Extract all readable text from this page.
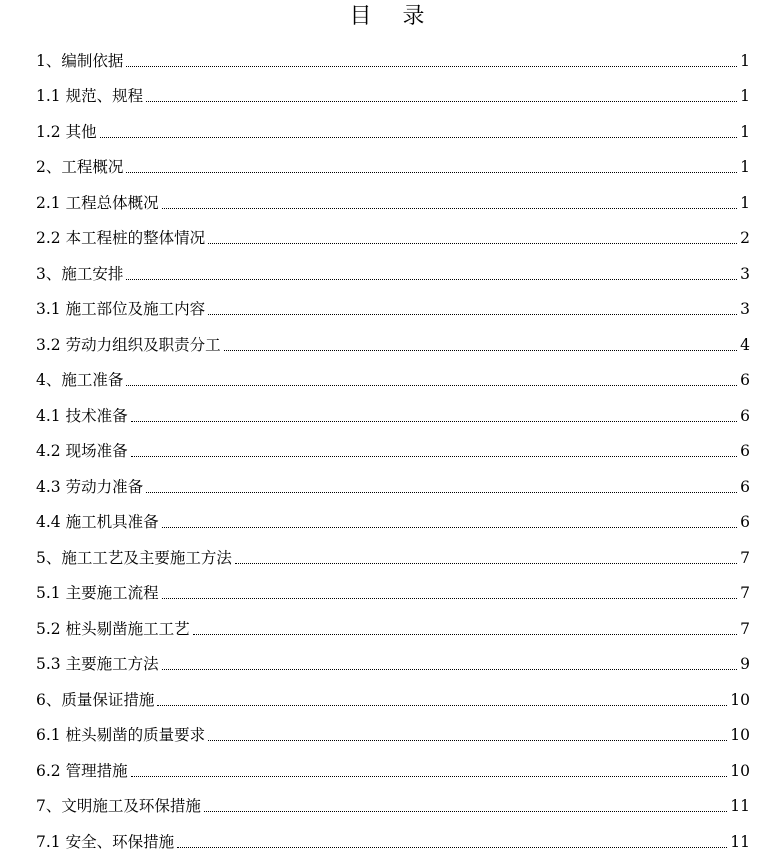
目 录
1、编制依据	1
1.1 规范、规程	1
1.2 其他	1
2、工程概况	1
2.1 工程总体概况	1
2.2 本工程桩的整体情况	2
3、施工安排	3
3.1 施工部位及施工内容	3
3.2 劳动力组织及职责分工	4
4、施工准备	6
4.1 技术准备	6
4.2 现场准备	6
4.3 劳动力准备	6
4.4 施工机具准备	6
5、施工工艺及主要施工方法	7
5.1 主要施工流程	7
5.2 桩头剔凿施工工艺	7
5.3 主要施工方法	9
6、质量保证措施	10
6.1 桩头剔凿的质量要求	10
6.2 管理措施	10
7、文明施工及环保措施	11
7.1 安全、环保措施	11
